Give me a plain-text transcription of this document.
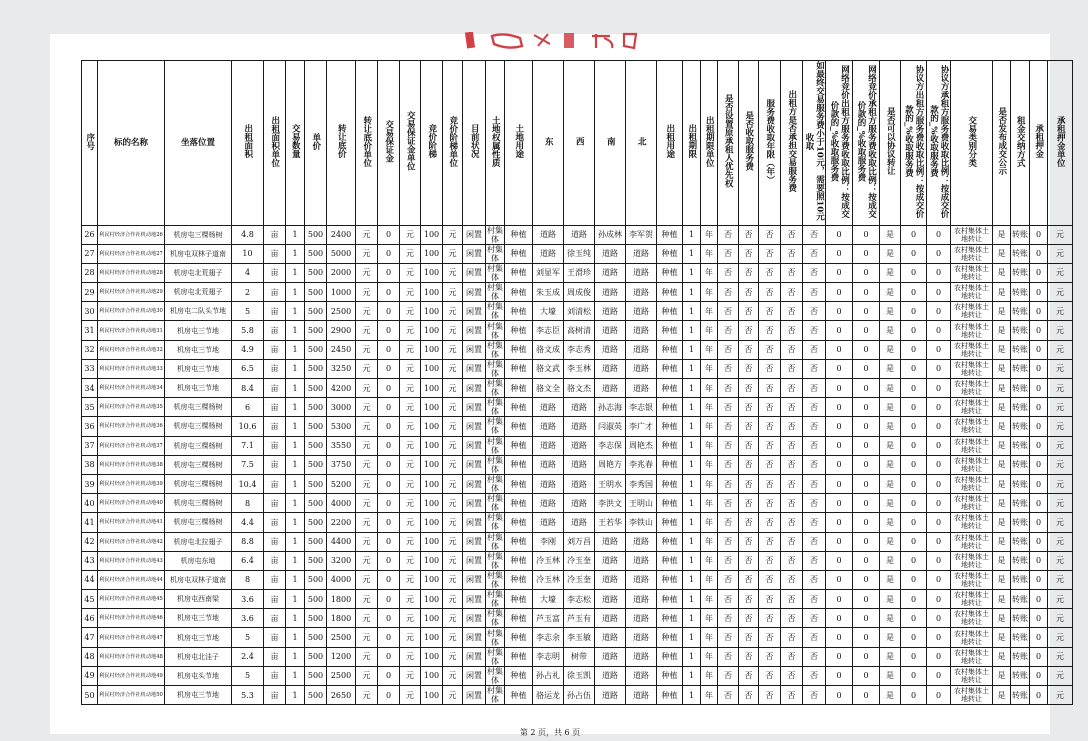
序号	标的名称	坐落位置	出租面积	出租面积单位	交易数量	单价	转让底价	转让底价单位	交易保证金	交易保证金单位	竞价阶梯	竞价阶梯单位	目前状况	土地权属性质	土地用途	东	西	南	北	出租用途	出租期限	出租期限单位	是否设置原承租人优先权	是否收取服务费	服务费收取年限（年）	出租方是否承担交易服务费	如最终交易服务费小于10元，需要照10元收取	网络竞价出租方服务费收取比例：按成交价款的_%收取服务费	网络竞价承租方服务费收取比例：按成交价款的_%收取服务费	是否可以协议转让	协议方出租方服务费收取比例：按成交价款的_%收取服务费	协议方承租方服务费收取比例：按成交价款的_%收取服务费	交易类别分类	是否发布成交公示	租金交纳方式	承租押金	承租押金单位
26	利民村经济合作社机动地26	机房屯三棵杨树	4.8	亩	1	500	2400	元	0	元	100	元	闲置	村集体	种植	道路	道路	孙成林	李军贺	种植	1	年	否	否	否	否	否	0	0	是	0	0	农村集体土地转让	是	转账	0	元
27	利民村经济合作社机动地27	机房屯双林子道南	10	亩	1	500	5000	元	0	元	100	元	闲置	村集体	种植	道路	徐玉纯	道路	道路	种植	1	年	否	否	否	否	否	0	0	是	0	0	农村集体土地转让	是	转账	0	元
28	利民村经济合作社机动地28	机房屯北荒翅子	4	亩	1	500	2000	元	0	元	100	元	闲置	村集体	种植	刘显军	王滑珍	道路	道路	种植	1	年	否	否	否	否	否	0	0	是	0	0	农村集体土地转让	是	转账	0	元
29	利民村经济合作社机动地29	机房屯北荒翅子	2	亩	1	500	1000	元	0	元	100	元	闲置	村集体	种植	朱玉成	周成俊	道路	道路	种植	1	年	否	否	否	否	否	0	0	是	0	0	农村集体土地转让	是	转账	0	元
30	利民村经济合作社机动地30	机房屯二队头节地	5	亩	1	500	2500	元	0	元	100	元	闲置	村集体	种植	大壕	刘清松	道路	道路	种植	1	年	否	否	否	否	否	0	0	是	0	0	农村集体土地转让	是	转账	0	元
31	利民村经济合作社机动地31	机房屯三节地	5.8	亩	1	500	2900	元	0	元	100	元	闲置	村集体	种植	李志臣	高树清	道路	道路	种植	1	年	否	否	否	否	否	0	0	是	0	0	农村集体土地转让	是	转账	0	元
32	利民村经济合作社机动地32	机房屯三节地	4.9	亩	1	500	2450	元	0	元	100	元	闲置	村集体	种植	骆文成	李志秀	道路	道路	种植	1	年	否	否	否	否	否	0	0	是	0	0	农村集体土地转让	是	转账	0	元
33	利民村经济合作社机动地33	机房屯三节地	6.5	亩	1	500	3250	元	0	元	100	元	闲置	村集体	种植	骆文武	李玉林	道路	道路	种植	1	年	否	否	否	否	否	0	0	是	0	0	农村集体土地转让	是	转账	0	元
34	利民村经济合作社机动地34	机房屯三节地	8.4	亩	1	500	4200	元	0	元	100	元	闲置	村集体	种植	骆文全	骆文杰	道路	道路	种植	1	年	否	否	否	否	否	0	0	是	0	0	农村集体土地转让	是	转账	0	元
35	利民村经济合作社机动地35	机房屯三棵杨树	6	亩	1	500	3000	元	0	元	100	元	闲置	村集体	种植	道路	道路	孙志海	李志银	种植	1	年	否	否	否	否	否	0	0	是	0	0	农村集体土地转让	是	转账	0	元
36	利民村经济合作社机动地36	机房屯三棵杨树	10.6	亩	1	500	5300	元	0	元	100	元	闲置	村集体	种植	道路	道路	闫淑英	李广才	种植	1	年	否	否	否	否	否	0	0	是	0	0	农村集体土地转让	是	转账	0	元
37	利民村经济合作社机动地37	机房屯三棵杨树	7.1	亩	1	500	3550	元	0	元	100	元	闲置	村集体	种植	道路	道路	李志保	周艳杰	种植	1	年	否	否	否	否	否	0	0	是	0	0	农村集体土地转让	是	转账	0	元
38	利民村经济合作社机动地38	机房屯三棵杨树	7.5	亩	1	500	3750	元	0	元	100	元	闲置	村集体	种植	道路	道路	周艳方	李兆春	种植	1	年	否	否	否	否	否	0	0	是	0	0	农村集体土地转让	是	转账	0	元
39	利民村经济合作社机动地39	机房屯三棵杨树	10.4	亩	1	500	5200	元	0	元	100	元	闲置	村集体	种植	道路	道路	王明水	李秀国	种植	1	年	否	否	否	否	否	0	0	是	0	0	农村集体土地转让	是	转账	0	元
40	利民村经济合作社机动地40	机房屯三棵杨树	8	亩	1	500	4000	元	0	元	100	元	闲置	村集体	种植	道路	道路	李洪文	王明山	种植	1	年	否	否	否	否	否	0	0	是	0	0	农村集体土地转让	是	转账	0	元
41	利民村经济合作社机动地41	机房屯三棵杨树	4.4	亩	1	500	2200	元	0	元	100	元	闲置	村集体	种植	道路	道路	王若华	李铁山	种植	1	年	否	否	否	否	否	0	0	是	0	0	农村集体土地转让	是	转账	0	元
42	利民村经济合作社机动地42	机房屯北拉翅子	8.8	亩	1	500	4400	元	0	元	100	元	闲置	村集体	种植	李刚	刘万昌	道路	道路	种植	1	年	否	否	否	否	否	0	0	是	0	0	农村集体土地转让	是	转账	0	元
43	利民村经济合作社机动地43	机房屯东地	6.4	亩	1	500	3200	元	0	元	100	元	闲置	村集体	种植	冷玉林	冷玉奎	道路	道路	种植	1	年	否	否	否	否	否	0	0	是	0	0	农村集体土地转让	是	转账	0	元
44	利民村经济合作社机动地44	机房屯双林子道南	8	亩	1	500	4000	元	0	元	100	元	闲置	村集体	种植	冷玉林	冷玉奎	道路	道路	种植	1	年	否	否	否	否	否	0	0	是	0	0	农村集体土地转让	是	转账	0	元
45	利民村经济合作社机动地45	机房屯西南梁	3.6	亩	1	500	1800	元	0	元	100	元	闲置	村集体	种植	大壕	李志松	道路	道路	种植	1	年	否	否	否	否	否	0	0	是	0	0	农村集体土地转让	是	转账	0	元
46	利民村经济合作社机动地46	机房屯三节地	3.6	亩	1	500	1800	元	0	元	100	元	闲置	村集体	种植	芦玉富	芦玉有	道路	道路	种植	1	年	否	否	否	否	否	0	0	是	0	0	农村集体土地转让	是	转账	0	元
47	利民村经济合作社机动地47	机房屯三节地	5	亩	1	500	2500	元	0	元	100	元	闲置	村集体	种植	李志余	李玉敏	道路	道路	种植	1	年	否	否	否	否	否	0	0	是	0	0	农村集体土地转让	是	转账	0	元
48	利民村经济合作社机动地48	机房屯北洼子	2.4	亩	1	500	1200	元	0	元	100	元	闲置	村集体	种植	李志明	树带	道路	道路	种植	1	年	否	否	否	否	否	0	0	是	0	0	农村集体土地转让	是	转账	0	元
49	利民村经济合作社机动地49	机房屯头节地	5	亩	1	500	2500	元	0	元	100	元	闲置	村集体	种植	孙占礼	徐玉凯	道路	道路	种植	1	年	否	否	否	否	否	0	0	是	0	0	农村集体土地转让	是	转账	0	元
50	利民村经济合作社机动地50	机房屯三节地	5.3	亩	1	500	2650	元	0	元	100	元	闲置	村集体	种植	骆运龙	孙占伍	道路	道路	种植	1	年	否	否	否	否	否	0	0	是	0	0	农村集体土地转让	是	转账	0	元
第 2 页，共 6 页
